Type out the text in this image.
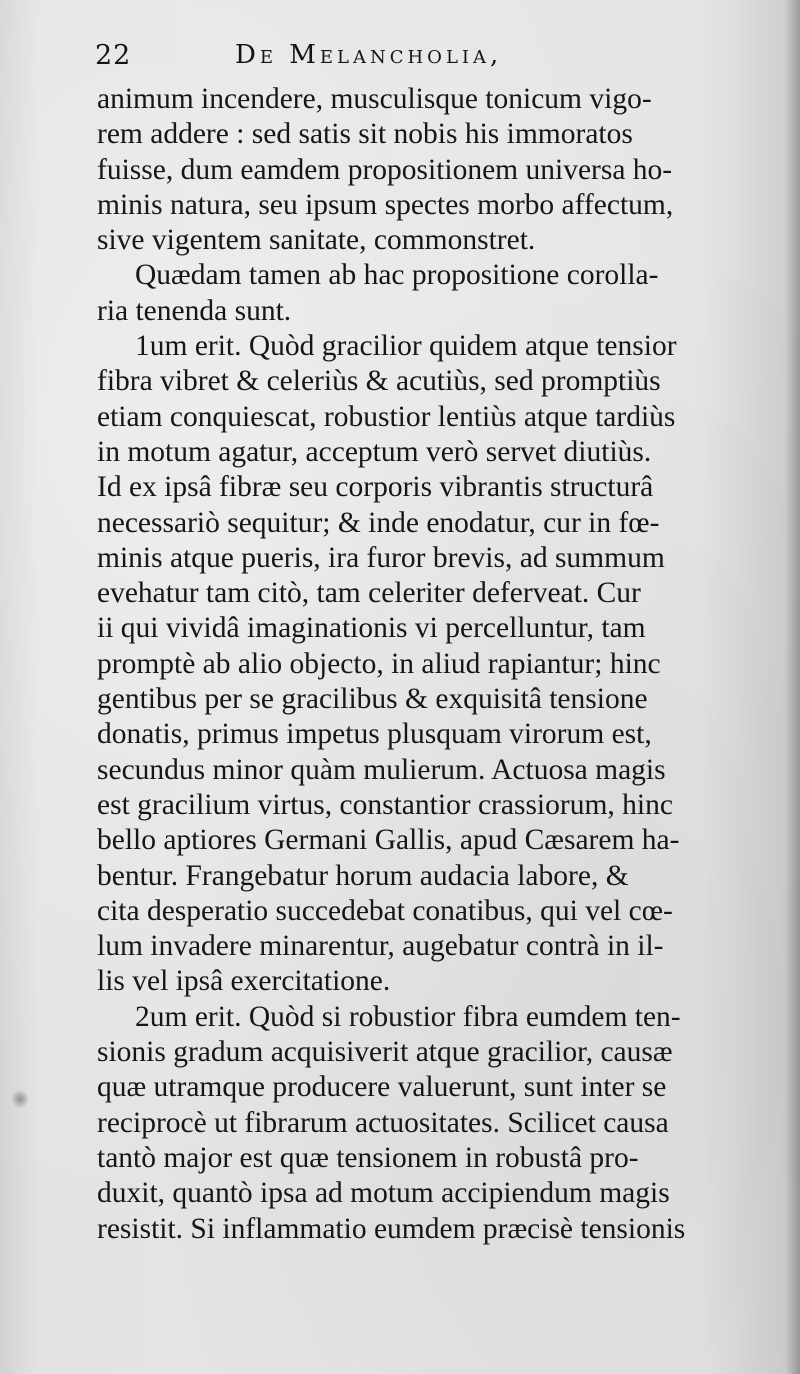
22	De Melancholia,
animum incendere, musculisque tonicum vigo-
rem addere : sed satis sit nobis his immoratos
fuisse, dum eamdem propositionem universa ho-
minis natura, seu ipsum spectes morbo affectum,
sive vigentem sanitate, commonstret.
Quædam tamen ab hac propositione corolla-
ria tenenda sunt.
1um erit. Quòd gracilior quidem atque tensior
fibra vibret & celeriùs & acutiùs, sed promptiùs
etiam conquiescat, robustior lentiùs atque tardiùs
in motum agatur, acceptum verò servet diutiùs.
Id ex ipsâ fibræ seu corporis vibrantis structurâ
necessariò sequitur; & inde enodatur, cur in fœ-
minis atque pueris, ira furor brevis, ad summum
evehatur tam citò, tam celeriter deferveat. Cur
ii qui vividâ imaginationis vi percelluntur, tam
promptè ab alio objecto, in aliud rapiantur; hinc
gentibus per se gracilibus & exquisitâ tensione
donatis, primus impetus plusquam virorum est,
secundus minor quàm mulierum. Actuosa magis
est gracilium virtus, constantior crassiorum, hinc
bello aptiores Germani Gallis, apud Cæsarem ha-
bentur. Frangebatur horum audacia labore, &
cita desperatio succedebat conatibus, qui vel cœ-
lum invadere minarentur, augebatur contrà in il-
lis vel ipsâ exercitatione.
2um erit. Quòd si robustior fibra eumdem ten-
sionis gradum acquisiverit atque gracilior, causæ
quæ utramque producere valuerunt, sunt inter se
reciprocè ut fibrarum actuositates. Scilicet causa
tantò major est quæ tensionem in robustâ pro-
duxit, quantò ipsa ad motum accipiendum magis
resistit. Si inflammatio eumdem præcisè tensionis
